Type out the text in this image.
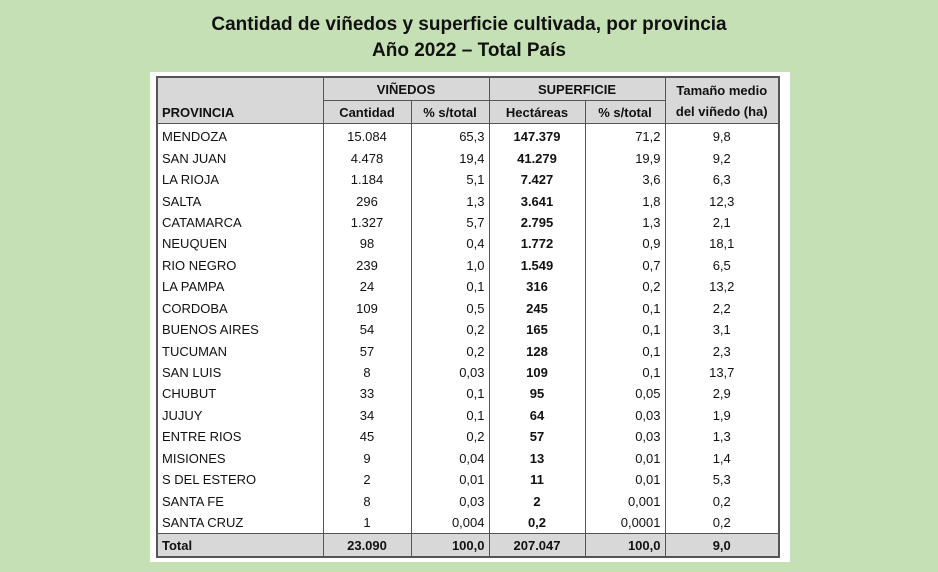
Cantidad de viñedos y superficie cultivada, por provincia
Año 2022 – Total País
PROVINCIA	VIÑEDOS		SUPERFICIE		Tamaño medio
del viñedo (ha)

	Cantidad	% s/total	Hectáreas	% s/total	
MENDOZA	15.084	65,3	147.379	71,2	9,8
SAN JUAN	4.478	19,4	41.279	19,9	9,2
LA RIOJA	1.184	5,1	7.427	3,6	6,3
SALTA	296	1,3	3.641	1,8	12,3
CATAMARCA	1.327	5,7	2.795	1,3	2,1
NEUQUEN	98	0,4	1.772	0,9	18,1
RIO NEGRO	239	1,0	1.549	0,7	6,5
LA PAMPA	24	0,1	316	0,2	13,2
CORDOBA	109	0,5	245	0,1	2,2
BUENOS AIRES	54	0,2	165	0,1	3,1
TUCUMAN	57	0,2	128	0,1	2,3
SAN LUIS	8	0,03	109	0,1	13,7
CHUBUT	33	0,1	95	0,05	2,9
JUJUY	34	0,1	64	0,03	1,9
ENTRE RIOS	45	0,2	57	0,03	1,3
MISIONES	9	0,04	13	0,01	1,4
S DEL ESTERO	2	0,01	11	0,01	5,3
SANTA FE	8	0,03	2	0,001	0,2
SANTA CRUZ	1	0,004	0,2	0,0001	0,2
Total	23.090	100,0	207.047	100,0	9,0
